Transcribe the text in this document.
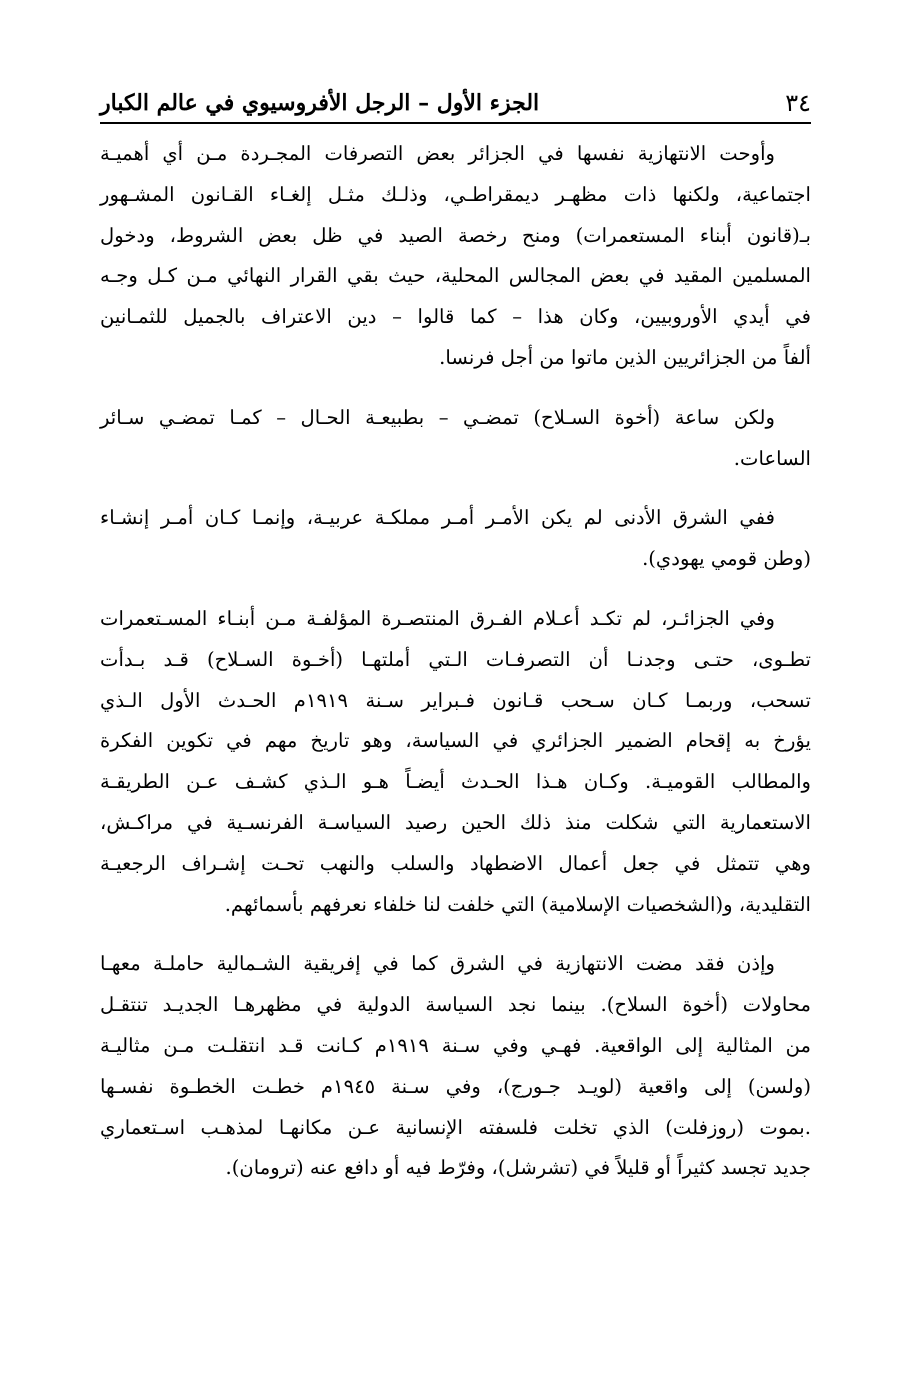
٣٤
الجزء الأول – الرجل الأفروسيوي في عالم الكبار

وأوحت الانتهازية نفسها في الجزائر بعض التصرفات المجـردة مـن أي أهميـة
اجتماعية، ولكنها ذات مظهـر ديمقراطـي، وذلـك مثـل إلغـاء القـانون المشـهور
بـ(قانون أبناء المستعمرات) ومنح رخصة الصيد في ظل بعض الشروط، ودخول
المسلمين المقيد في بعض المجالس المحلية، حيث بقي القرار النهائي مـن كـل وجـه
في أيدي الأوروبيين، وكان هذا – كما قالوا – دين الاعتراف بالجميل للثمـانين
ألفاً من الجزائريين الذين ماتوا من أجل فرنسا.

ولكن ساعة (أخوة السـلاح) تمضـي – بطبيعـة الحـال – كمـا تمضـي سـائر
الساعات.

ففي الشرق الأدنى لم يكن الأمـر أمـر مملكـة عربيـة، وإنمـا كـان أمـر إنشـاء
(وطن قومي يهودي).

وفي الجزائـر، لم تكـد أعـلام الفـرق المنتصـرة المؤلفـة مـن أبنـاء المسـتعمرات
تطـوى، حتـى وجدنـا أن التصرفـات الـتي أملتهـا (أخـوة السـلاح) قـد بـدأت
تسحب، وربمـا كـان سـحب قـانون فـبراير سـنة ١٩١٩م الحـدث الأول الـذي
يؤرخ به إقحام الضمير الجزائري في السياسة، وهو تاريخ مهم في تكوين الفكرة
والمطالب القوميـة. وكـان هـذا الحـدث أيضـاً هـو الـذي كشـف عـن الطريقـة
الاستعمارية التي شكلت منذ ذلك الحين رصيد السياسـة الفرنسـية في مراكـش،
وهي تتمثل في جعل أعمال الاضطهاد والسلب والنهب تحـت إشـراف الرجعيـة
التقليدية، و(الشخصيات الإسلامية) التي خلفت لنا خلفاء نعرفهم بأسمائهم.

وإذن فقد مضت الانتهازية في الشرق كما في إفريقية الشـمالية حاملـة معهـا
محاولات (أخوة السلاح). بينما نجد السياسة الدولية في مظهرهـا الجديـد تنتقـل
من المثالية إلى الواقعية. فهـي وفي سـنة ١٩١٩م كـانت قـد انتقلـت مـن مثاليـة
(ولسن) إلى واقعية (لويـد جـورج)، وفي سـنة ١٩٤٥م خطـت الخطـوة نفسـها
.بموت (روزفلت) الذي تخلت فلسفته الإنسانية عـن مكانهـا لمذهـب اسـتعماري
جديد تجسد كثيراً أو قليلاً في (تشرشل)، وفرّط فيه أو دافع عنه (ترومان).
